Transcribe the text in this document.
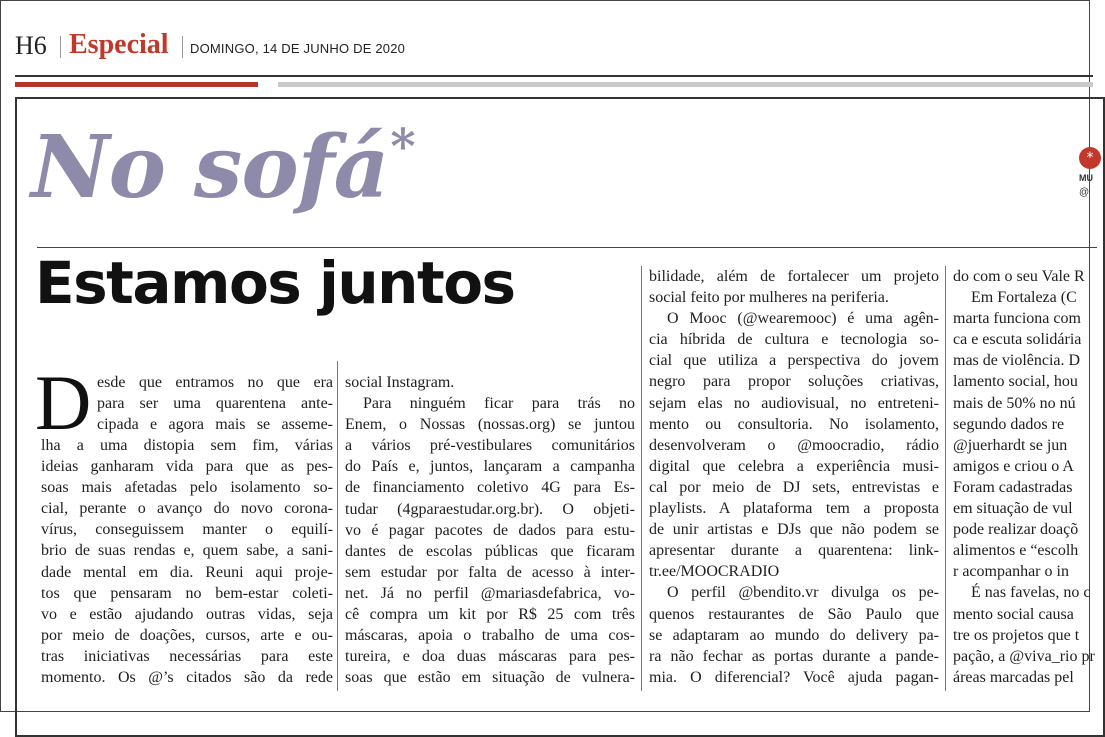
H6 Especial DOMINGO, 14 DE JUNHO DE 2020
No sofá*	*
MU
@
Estamos juntos
D esde que entramos no que era
para ser uma quarentena ante-
cipada e agora mais se asseme-
lha a uma distopia sem fim, várias
ideias ganharam vida para que as pes-
soas mais afetadas pelo isolamento so-
cial, perante o avanço do novo corona-
vírus, conseguissem manter o equilí-
brio de suas rendas e, quem sabe, a sani-
dade mental em dia. Reuni aqui proje-
tos que pensaram no bem-estar coleti-
vo e estão ajudando outras vidas, seja
por meio de doações, cursos, arte e ou-
tras iniciativas necessárias para este
momento. Os @’s citados são da rede
social Instagram.
Para ninguém ficar para trás no
Enem, o Nossas (nossas.org) se juntou
a vários pré-vestibulares comunitários
do País e, juntos, lançaram a campanha
de financiamento coletivo 4G para Es-
tudar (4gparaestudar.org.br). O objeti-
vo é pagar pacotes de dados para estu-
dantes de escolas públicas que ficaram
sem estudar por falta de acesso à inter-
net. Já no perfil @mariasdefabrica, vo-
cê compra um kit por R$ 25 com três
máscaras, apoia o trabalho de uma cos-
tureira, e doa duas máscaras para pes-
soas que estão em situação de vulnera-
bilidade, além de fortalecer um projeto
social feito por mulheres na periferia.
O Mooc (@wearemooc) é uma agên-
cia híbrida de cultura e tecnologia so-
cial que utiliza a perspectiva do jovem
negro para propor soluções criativas,
sejam elas no audiovisual, no entreteni-
mento ou consultoria. No isolamento,
desenvolveram o @moocradio, rádio
digital que celebra a experiência musi-
cal por meio de DJ sets, entrevistas e
playlists. A plataforma tem a proposta
de unir artistas e DJs que não podem se
apresentar durante a quarentena: link-
tr.ee/MOOCRADIO
O perfil @bendito.vr divulga os pe-
quenos restaurantes de São Paulo que
se adaptaram ao mundo do delivery pa-
ra não fechar as portas durante a pande-
mia. O diferencial? Você ajuda pagan-
do com o seu Vale R
Em Fortaleza (C
marta funciona com
ca e escuta solidária
mas de violência. D
lamento social, hou
mais de 50% no nú
segundo dados re
@juerhardt se jun
amigos e criou o A
Foram cadastradas
em situação de vul
pode realizar doaçõ
alimentos e “escolh
r acompanhar o in
É nas favelas, no c
mento social causa
tre os projetos que t
pação, a @viva_rio pr
áreas marcadas pel
